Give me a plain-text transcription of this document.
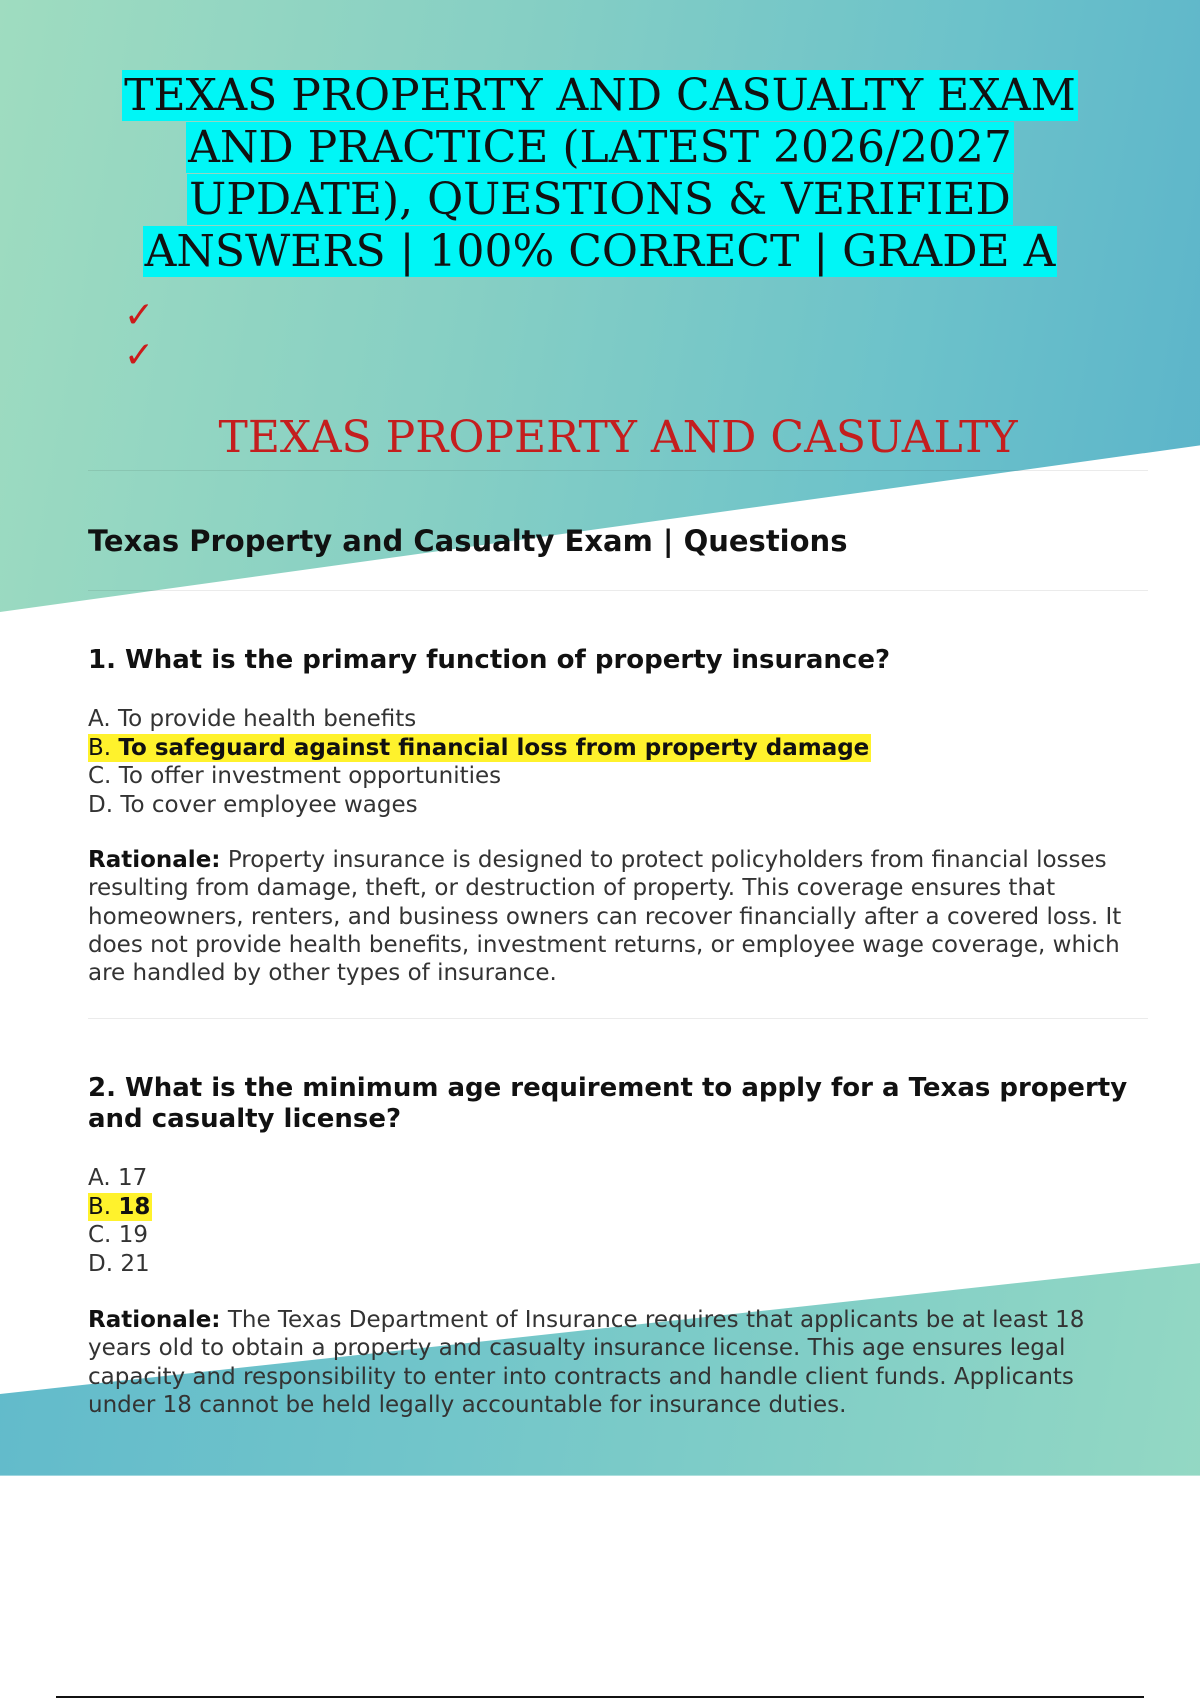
TEXAS PROPERTY AND CASUALTY EXAM AND PRACTICE (LATEST 2026/2027 UPDATE), QUESTIONS & VERIFIED ANSWERS | 100% CORRECT | GRADE A
✓
✓
TEXAS PROPERTY AND CASUALTY
Texas Property and Casualty Exam | Questions

1. What is the primary function of property insurance?

A. To provide health benefits
B. To safeguard against financial loss from property damage
C. To offer investment opportunities
D. To cover employee wages

Rationale: Property insurance is designed to protect policyholders from financial losses resulting from damage, theft, or destruction of property. This coverage ensures that homeowners, renters, and business owners can recover financially after a covered loss. It does not provide health benefits, investment returns, or employee wage coverage, which are handled by other types of insurance.

2. What is the minimum age requirement to apply for a Texas property and casualty license?

A. 17
B. 18
C. 19
D. 21

Rationale: The Texas Department of Insurance requires that applicants be at least 18 years old to obtain a property and casualty insurance license. This age ensures legal capacity and responsibility to enter into contracts and handle client funds. Applicants under 18 cannot be held legally accountable for insurance duties.
